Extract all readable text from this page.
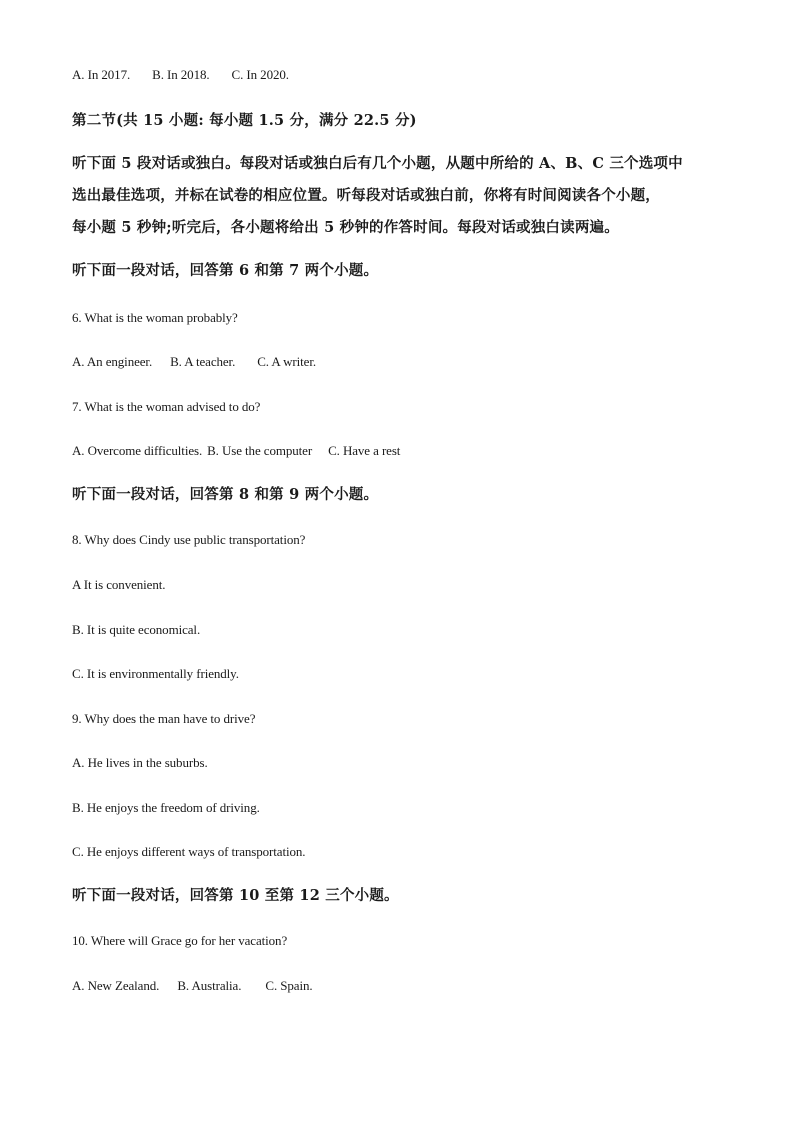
A. In 2017. B. In 2018. C. In 2020.
第二节(共 15 小题: 每小题 1.5 分，满分 22.5 分)
听下面 5 段对话或独白。每段对话或独白后有几个小题，从题中所给的 A、B、C 三个选项中
选出最佳选项，并标在试卷的相应位置。听每段对话或独白前，你将有时间阅读各个小题，
每小题 5 秒钟;听完后，各小题将给出 5 秒钟的作答时间。每段对话或独白读两遍。
听下面一段对话，回答第 6 和第 7 两个小题。
6. What is the woman probably?
A. An engineer. B. A teacher. C. A writer.
7. What is the woman advised to do?
A. Overcome difficulties. B. Use the computer C. Have a rest
听下面一段对话，回答第 8 和第 9 两个小题。
8. Why does Cindy use public transportation?
A It is convenient.
B. It is quite economical.
C. It is environmentally friendly.
9. Why does the man have to drive?
A. He lives in the suburbs.
B. He enjoys the freedom of driving.
C. He enjoys different ways of transportation.
听下面一段对话，回答第 10 至第 12 三个小题。
10. Where will Grace go for her vacation?
A. New Zealand. B. Australia. C. Spain.
